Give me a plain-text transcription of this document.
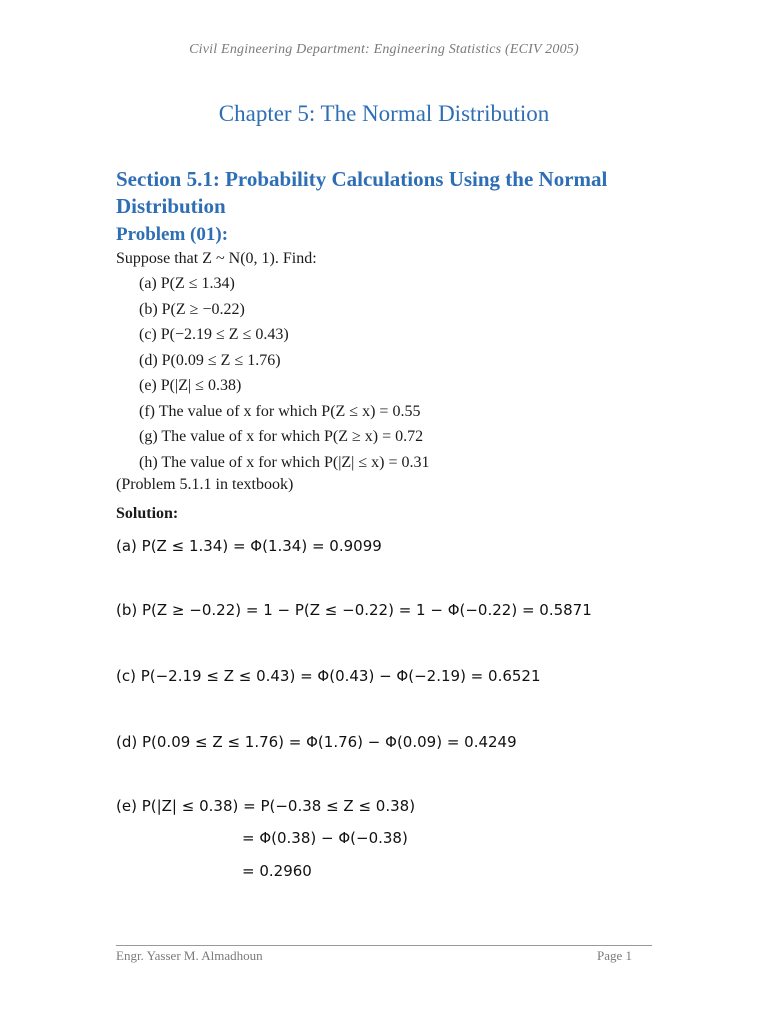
Civil Engineering Department: Engineering Statistics (ECIV 2005)
Chapter 5: The Normal Distribution
Section 5.1: Probability Calculations Using the Normal Distribution
Problem (01):
Suppose that Z ~ N(0, 1). Find:
(a) P(Z ≤ 1.34)
(b) P(Z ≥ −0.22)
(c) P(−2.19 ≤ Z ≤ 0.43)
(d) P(0.09 ≤ Z ≤ 1.76)
(e) P(|Z| ≤ 0.38)
(f) The value of x for which P(Z ≤ x) = 0.55
(g) The value of x for which P(Z ≥ x) = 0.72
(h) The value of x for which P(|Z| ≤ x) = 0.31
(Problem 5.1.1 in textbook)
Solution:
(a) P(Z ≤ 1.34) = Φ(1.34) = 0.9099
(b) P(Z ≥ −0.22) = 1 − P(Z ≤ −0.22) = 1 − Φ(−0.22) = 0.5871
(c) P(−2.19 ≤ Z ≤ 0.43) = Φ(0.43) − Φ(−2.19) = 0.6521
(d) P(0.09 ≤ Z ≤ 1.76) = Φ(1.76) − Φ(0.09) = 0.4249
(e) P(|Z| ≤ 0.38) = P(−0.38 ≤ Z ≤ 0.38)
= Φ(0.38) − Φ(−0.38)
= 0.2960
Engr. Yasser M. Almadhoun	Page 1
